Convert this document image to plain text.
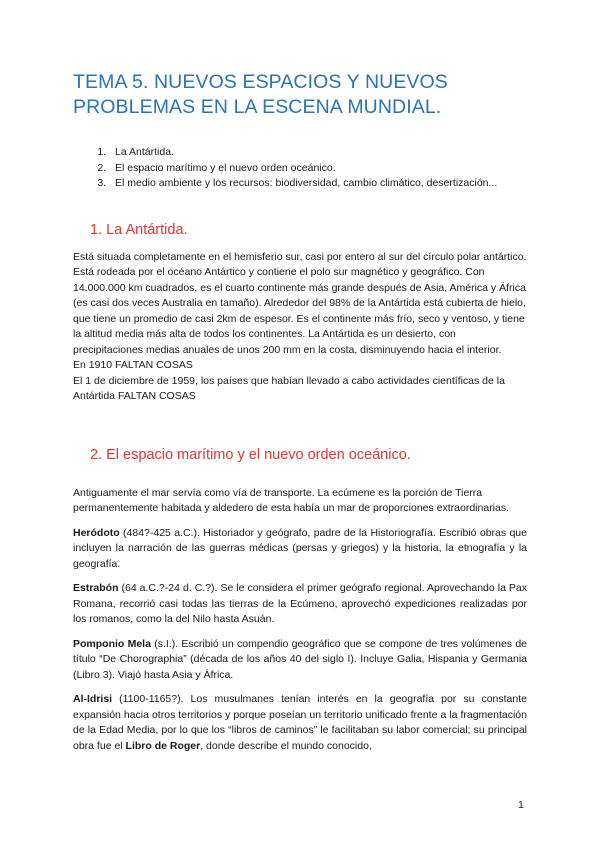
TEMA 5. NUEVOS ESPACIOS Y NUEVOS PROBLEMAS EN LA ESCENA MUNDIAL.
1. La Antártida.
2. El espacio marítimo y el nuevo orden oceánico.
3. El medio ambiente y los recursos: biodiversidad, cambio climático, desertización...
1. La Antártida.

Está situada completamente en el hemisferio sur, casi por entero al sur del círculo polar antártico. Está rodeada por el océano Antártico y contiene el polo sur magnético y geográfico. Con 14.000.000 km cuadrados, es el cuarto continente más grande después de Asia, América y África (es casi dos veces Australia en tamaño). Alrededor del 98% de la Antártida está cubierta de hielo, que tiene un promedio de casi 2km de espesor. Es el continente más frío, seco y ventoso, y tiene la altitud media más alta de todos los continentes. La Antártida es un desierto, con precipitaciones medias anuales de unos 200 mm en la costa, disminuyendo hacia el interior.

En 1910 FALTAN COSAS

El 1 de diciembre de 1959, los países que habían llevado a cabo actividades científicas de la Antártida FALTAN COSAS

2. El espacio marítimo y el nuevo orden oceánico.

Antiguamente el mar servía como vía de transporte. La ecúmene es la porción de Tierra permanentemente habitada y aldedero de esta había un mar de proporciones extraordinarias.

Heródoto (484?-425 a.C.). Historiador y geógrafo, padre de la Historiografía. Escribió obras que incluyen la narración de las guerras médicas (persas y griegos) y la historia, la etnografía y la geografía.

Estrabón (64 a.C.?-24 d. C.?). Se le considera el primer geógrafo regional. Aprovechando la Pax Romana, recorrió casi todas las tierras de la Ecúmeno, aprovechó expediciones realizadas por los romanos, como la del Nilo hasta Asuán.

Pomponio Mela (s.I.). Escribió un compendio geográfico que se compone de tres volúmenes de título “De Chorographia” (década de los años 40 del siglo I). Incluye Galia, Hispania y Germania (Libro 3). Viajó hasta Asia y África.

Al-Idrisi (1100-1165?). Los musulmanes tenían interés en la geografía por su constante expansión hacia otros territorios y porque poseían un territorio unificado frente a la fragmentación de la Edad Media, por lo que los “libros de caminos” le facilitaban su labor comercial; su principal obra fue el Libro de Roger, donde describe el mundo conocido,

1
